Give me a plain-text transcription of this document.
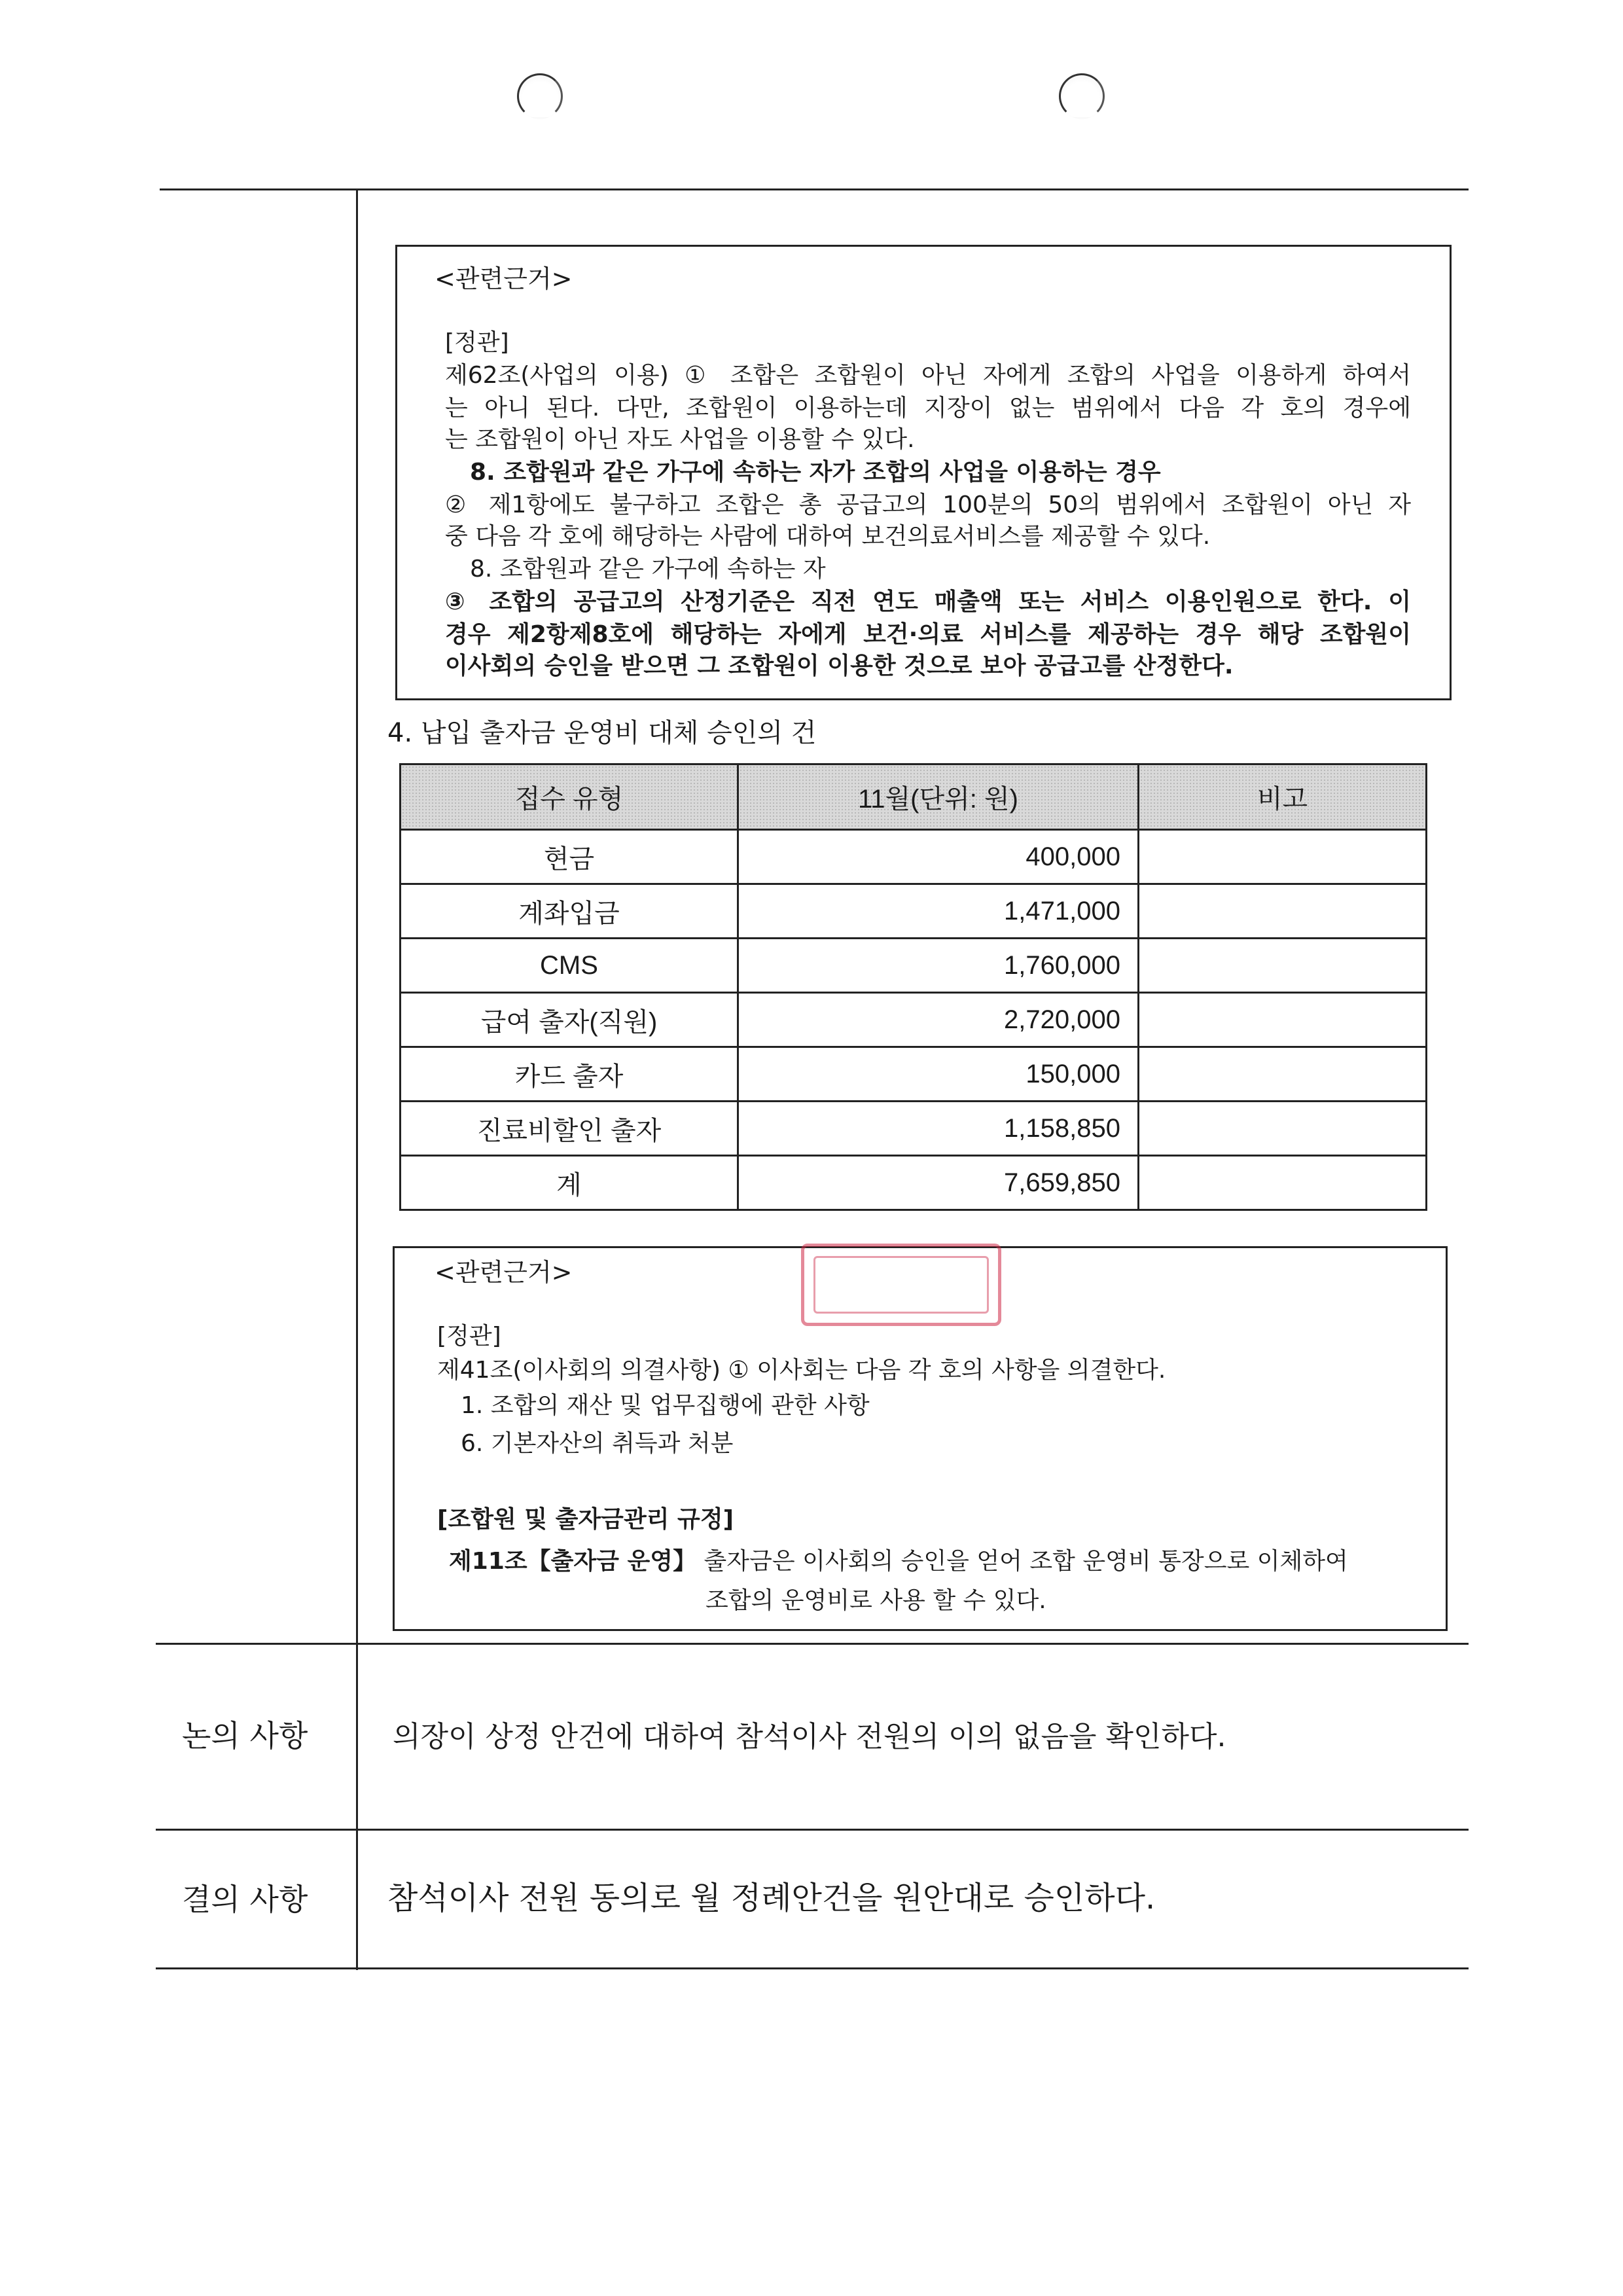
<관련근거>
[정관]
제62조(사업의 이용) ① 조합은 조합원이 아닌 자에게 조합의 사업을 이용하게 하여서
는 아니 된다. 다만, 조합원이 이용하는데 지장이 없는 범위에서 다음 각 호의 경우에
는 조합원이 아닌 자도 사업을 이용할 수 있다.
8. 조합원과 같은 가구에 속하는 자가 조합의 사업을 이용하는 경우
② 제1항에도 불구하고 조합은 총 공급고의 100분의 50의 범위에서 조합원이 아닌 자
중 다음 각 호에 해당하는 사람에 대하여 보건의료서비스를 제공할 수 있다.
8. 조합원과 같은 가구에 속하는 자
③ 조합의 공급고의 산정기준은 직전 연도 매출액 또는 서비스 이용인원으로 한다. 이
경우 제2항제8호에 해당하는 자에게 보건·의료 서비스를 제공하는 경우 해당 조합원이
이사회의 승인을 받으면 그 조합원이 이용한 것으로 보아 공급고를 산정한다.
4. 납입 출자금 운영비 대체 승인의 건
접수 유형	11월(단위: 원)	비고
현금	400,000	
계좌입금	1,471,000	
CMS	1,760,000	
급여 출자(직원)	2,720,000	
카드 출자	150,000	
진료비할인 출자	1,158,850	
계	7,659,850	
<관련근거>
[정관]
제41조(이사회의 의결사항) ① 이사회는 다음 각 호의 사항을 의결한다.
1. 조합의 재산 및 업무집행에 관한 사항
6. 기본자산의 취득과 처분
[조합원 및 출자금관리 규정]
제11조【출자금 운영】 출자금은 이사회의 승인을 얻어 조합 운영비 통장으로 이체하여
조합의 운영비로 사용 할 수 있다.
논의 사항	의장이 상정 안건에 대하여 참석이사 전원의 이의 없음을 확인하다.
결의 사항	참석이사 전원 동의로 월 정례안건을 원안대로 승인하다.
